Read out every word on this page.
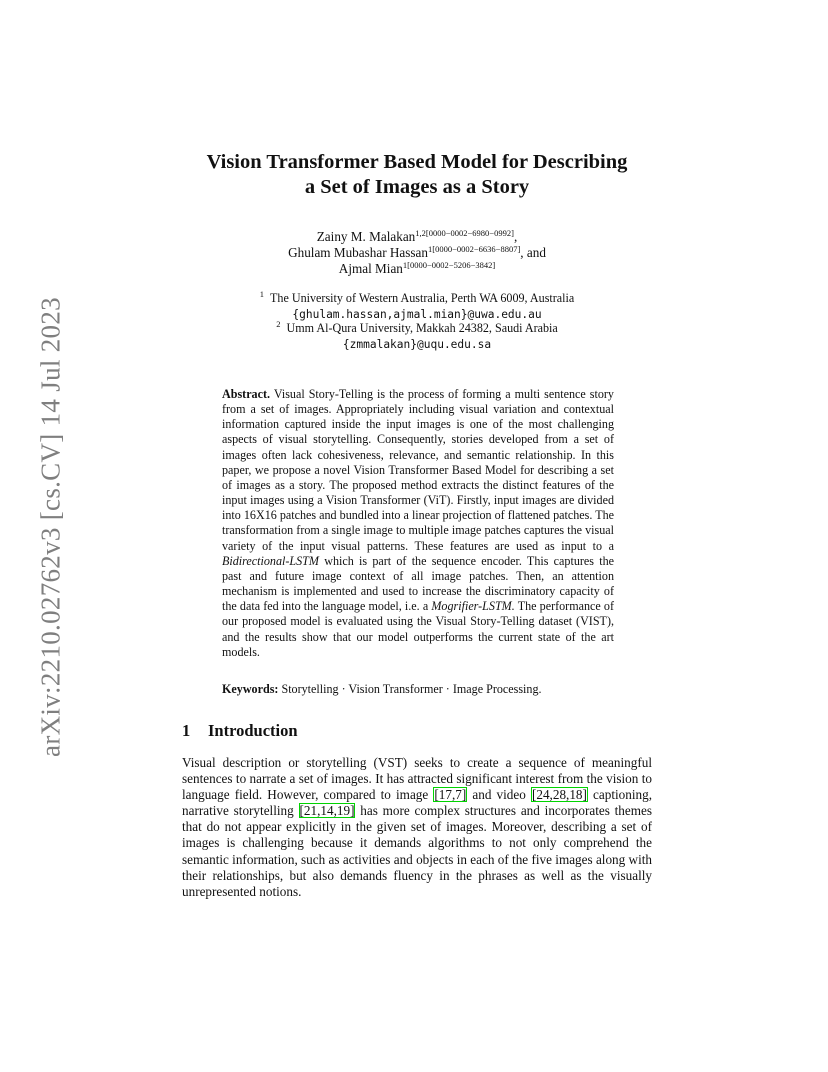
arXiv:2210.02762v3 [cs.CV] 14 Jul 2023
Vision Transformer Based Model for Describing
a Set of Images as a Story
Zainy M. Malakan$^{1,2[0000-0002-6980-0992]}$,
Ghulam Mubashar Hassan$^{1[0000-0002-6636-8807]}$, and
Ajmal Mian$^{1[0000-0002-5206-3842]}$
$^1$ The University of Western Australia, Perth WA 6009, Australia
{ghulam.hassan,ajmal.mian}@uwa.edu.au
$^2$ Umm Al-Qura University, Makkah 24382, Saudi Arabia
{zmmalakan}@uqu.edu.sa
Abstract. Visual Story-Telling is the process of forming a multi sentence story from a set of images. Appropriately including visual variation and contextual information captured inside the input images is one of the most challenging aspects of visual storytelling. Consequently, stories developed from a set of images often lack cohesiveness, relevance, and semantic relationship. In this paper, we propose a novel Vision Transformer Based Model for describing a set of images as a story. The proposed method extracts the distinct features of the input images using a Vision Transformer (ViT). Firstly, input images are divided into 16X16 patches and bundled into a linear projection of flattened patches. The transformation from a single image to multiple image patches captures the visual variety of the input visual patterns. These features are used as input to a Bidirectional-LSTM which is part of the sequence encoder. This captures the past and future image context of all image patches. Then, an attention mechanism is implemented and used to increase the discriminatory capacity of the data fed into the language model, i.e. a Mogrifier-LSTM. The performance of our proposed model is evaluated using the Visual Story-Telling dataset (VIST), and the results show that our model outperforms the current state of the art models.
Keywords: Storytelling · Vision Transformer · Image Processing.
1 Introduction
Visual description or storytelling (VST) seeks to create a sequence of meaningful sentences to narrate a set of images. It has attracted significant interest from the vision to language field. However, compared to image [17,7] and video [24,28,18] captioning, narrative storytelling [21,14,19] has more complex structures and incorporates themes that do not appear explicitly in the given set of images. Moreover, describing a set of images is challenging because it demands algorithms to not only comprehend the semantic information, such as activities and objects in each of the five images along with their relationships, but also demands fluency in the phrases as well as the visually unrepresented notions.
